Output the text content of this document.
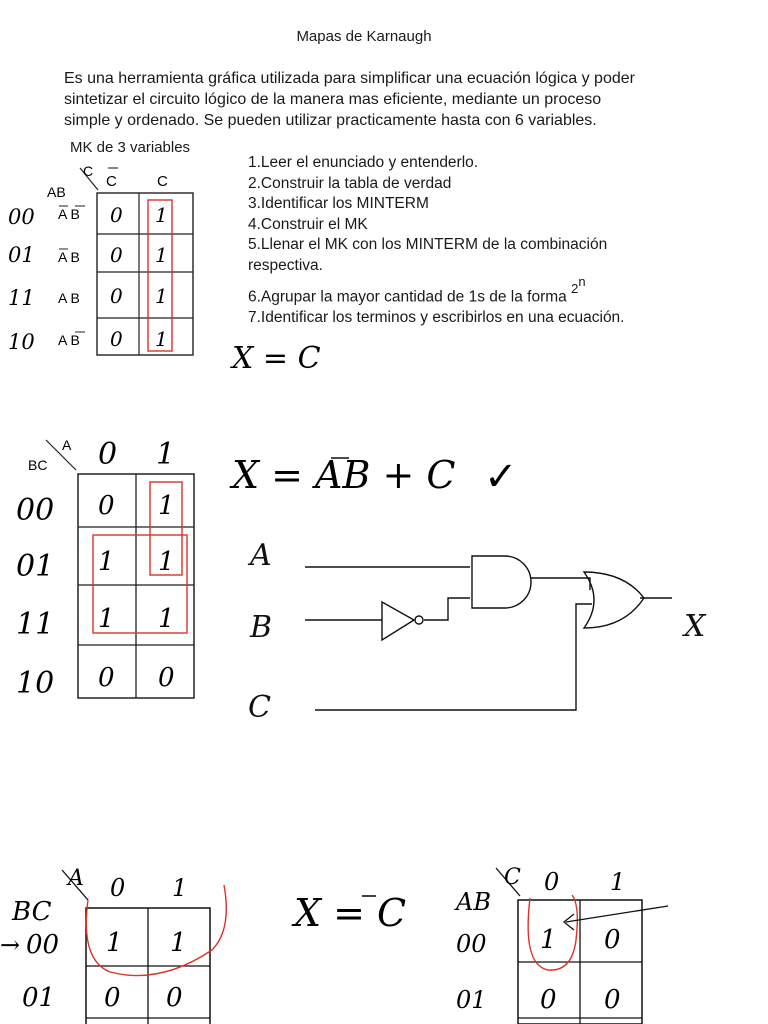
Mapas de Karnaugh
Es una herramienta gráfica utilizada para simplificar una ecuación lógica y poder
sintetizar el circuito lógico de la manera mas eficiente, mediante un proceso
simple y ordenado. Se pueden utilizar practicamente hasta con 6 variables.
MK de 3 variables
1.Leer el enunciado y entenderlo.
2.Construir la tabla de verdad
3.Identificar los MINTERM
4.Construir el MK
5.Llenar el MK con los MINTERM de la combinación
respectiva.
6.Agrupar la mayor cantidad de 1s de la forma $^{2^n}$
7.Identificar los terminos y escribirlos en una ecuación.
C
AB
C	C
00
01
11
10
A B
A B
A B
A B
0 1
0 1
0 1
0 1
X = C
A
BC 0 1
00
01
11
10
0 1
1 1
1 1
0 0
X = AB + C ✓
A
B
C
X
A
BC
0 1
→ 00
01
1 1
0 0
X = C
C
AB
0 1
00
01
1 0
0 0
